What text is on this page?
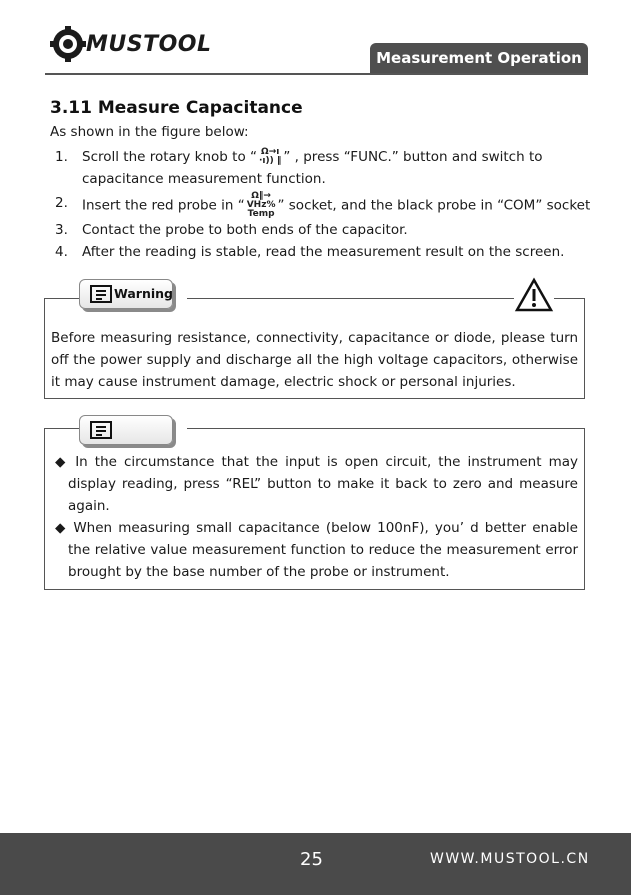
MUSTOOL
Measurement Operation
3.11 Measure Capacitance
As shown in the figure below:
1. Scroll the rotary knob to “ Ω→ı
·ı)) ‖ ” , press “FUNC.” button and switch to capacitance measurement function.
2. Insert the red probe in “Ω‖→
VHz%
Temp” socket, and the black probe in “COM” socket
3. Contact the probe to both ends of the capacitor.
4. After the reading is stable, read the measurement result on the screen.
Warning
Before measuring resistance, connectivity, capacitance or diode, please turn off the power supply and discharge all the high voltage capacitors, otherwise it may cause instrument damage, electric shock or personal injuries.

◆ In the circumstance that the input is open circuit, the instrument may display reading, press “REL” button to make it back to zero and measure again.

◆ When measuring small capacitance (below 100nF), you’ d better enable the relative value measurement function to reduce the measurement error brought by the base number of the probe or instrument.

25	WWW.MUSTOOL.CN
